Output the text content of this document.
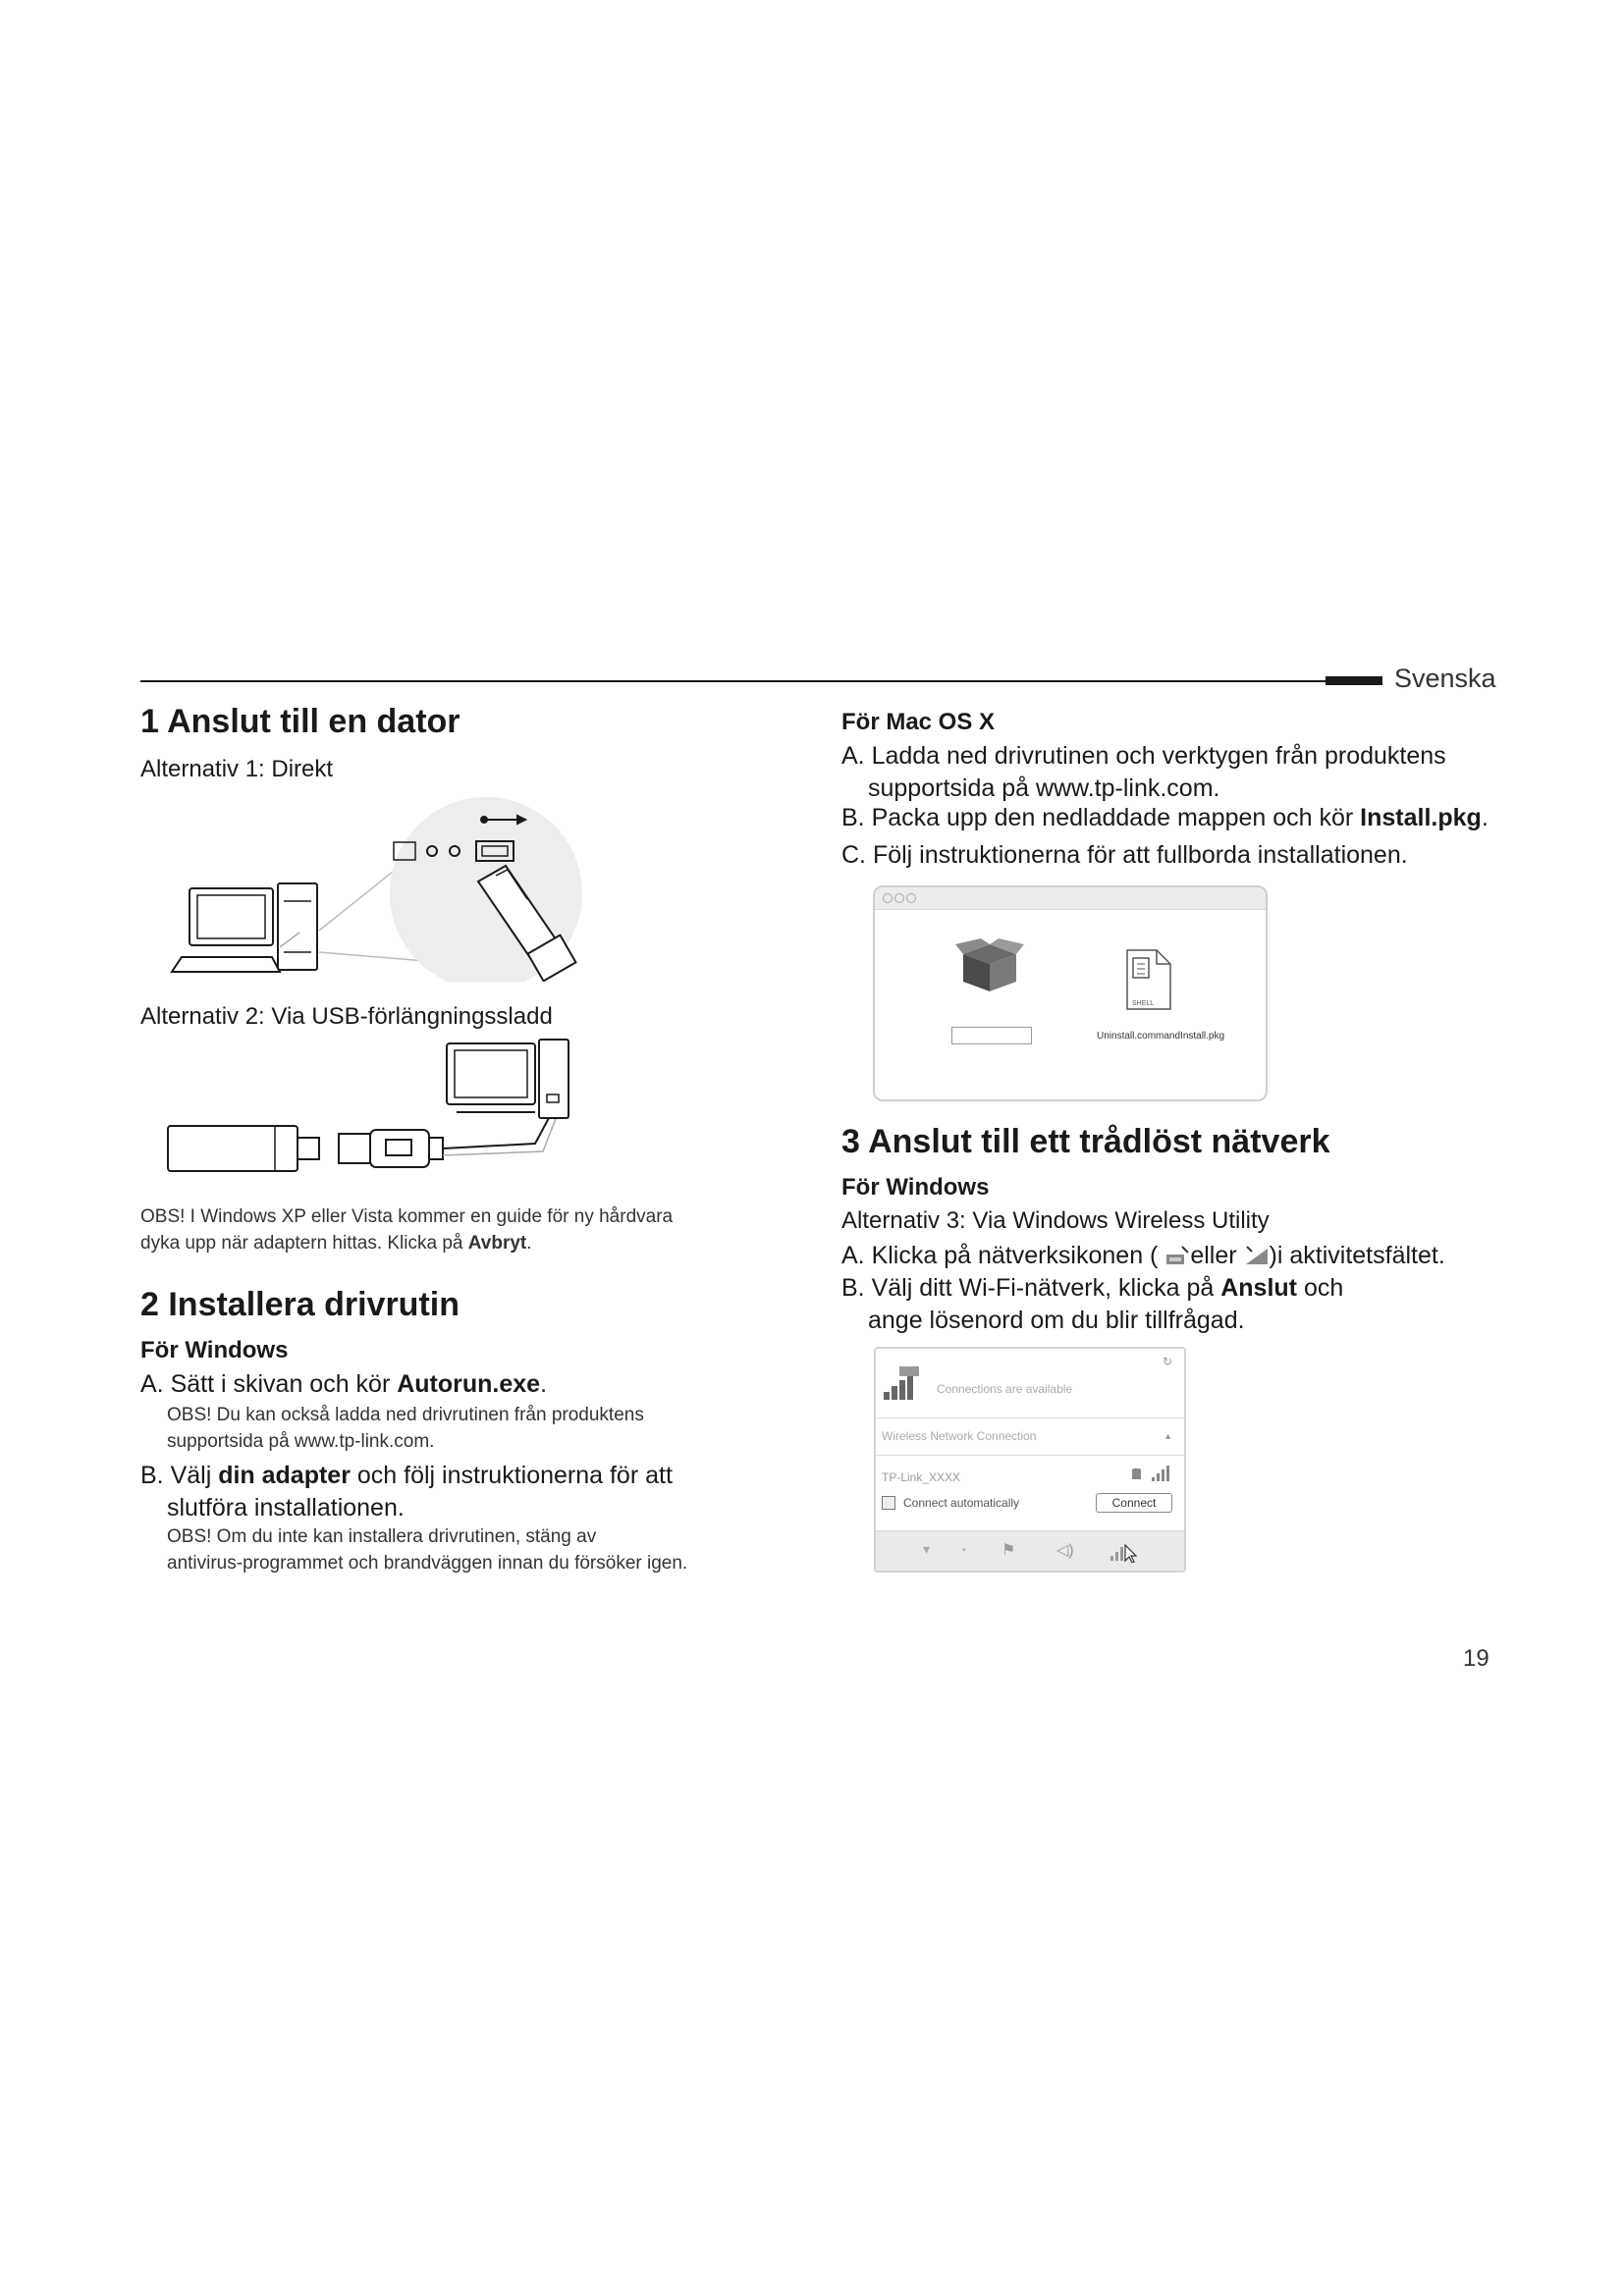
Svenska
1 Anslut till en dator
Alternativ 1: Direkt
Alternativ 2: Via USB-förlängningssladd
OBS! I Windows XP eller Vista kommer en guide för ny hårdvara
dyka upp när adaptern hittas. Klicka på Avbryt.
2 Installera drivrutin
För Windows
A. Sätt i skivan och kör Autorun.exe.
OBS! Du kan också ladda ned drivrutinen från produktens
supportsida på www.tp-link.com.
B. Välj din adapter och följ instruktionerna för att
slutföra installationen.
OBS! Om du inte kan installera drivrutinen, stäng av
antivirus-programmet och brandväggen innan du försöker igen.
För Mac OS X
A. Ladda ned drivrutinen och verktygen från produktens
supportsida på www.tp-link.com.
B. Packa upp den nedladdade mappen och kör Install.pkg.
C. Följ instruktionerna för att fullborda installationen.
SHELL
Uninstall.commandInstall.pkg
3 Anslut till ett trådlöst nätverk
För Windows
Alternativ 3: Via Windows Wireless Utility
A. Klicka på nätverksikonen ( eller )i aktivitetsfältet.
B. Välj ditt Wi-Fi-nätverk, klicka på Anslut och
ange lösenord om du blir tillfrågad.
↻
Connections are available
Wireless Network Connection	▲
TP-Link_XXXX
Connect automatically	Connect
▾	• ⚑	◁)
19
